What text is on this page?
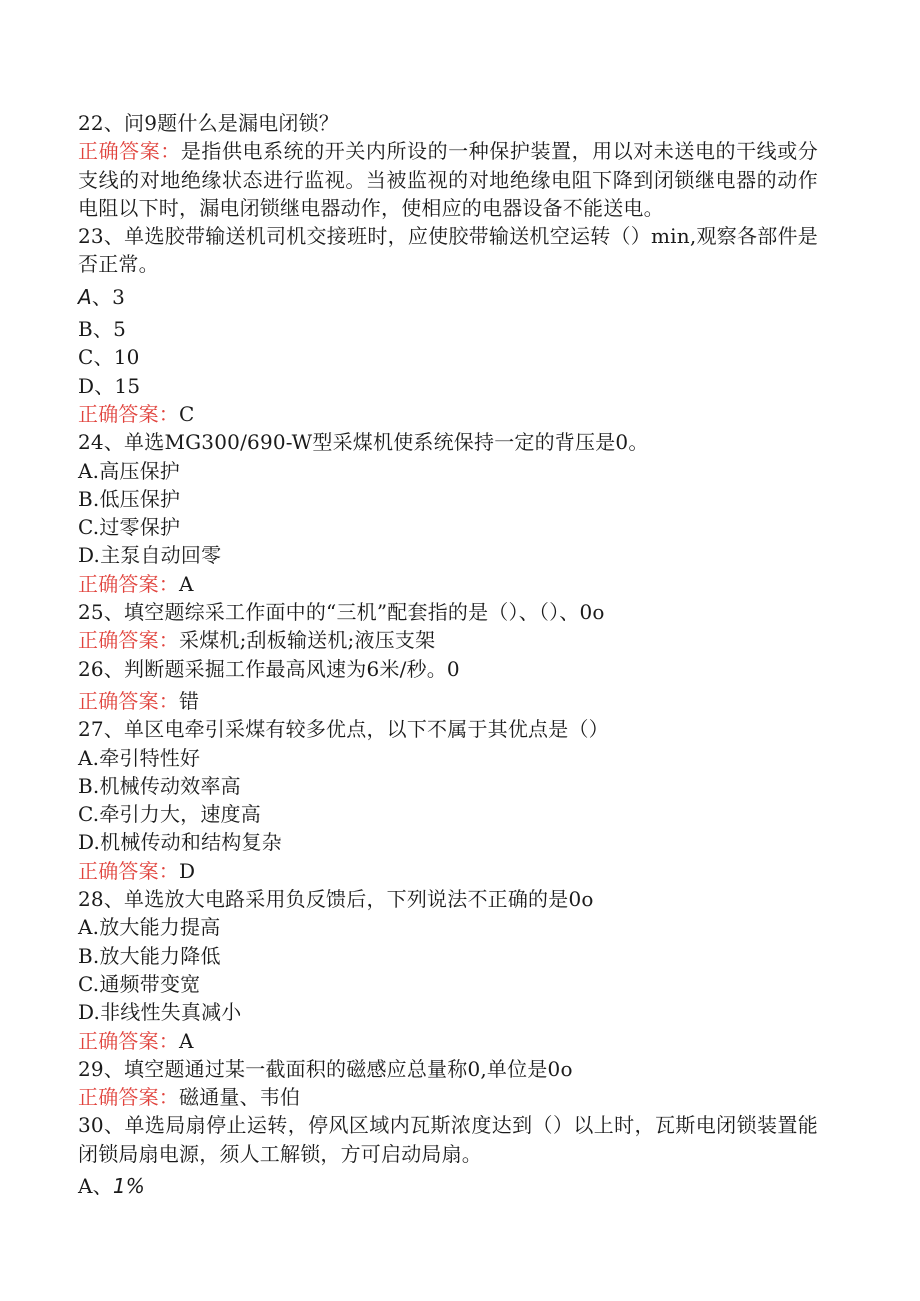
22、问9题什么是漏电闭锁？
正确答案：是指供电系统的开关内所设的一种保护装置，用以对未送电的干线或分支线的对地绝缘状态进行监视。当被监视的对地绝缘电阻下降到闭锁继电器的动作电阻以下时，漏电闭锁继电器动作，使相应的电器设备不能送电。
23、单选胶带输送机司机交接班时，应使胶带输送机空运转（）min,观察各部件是否正常。
A、3
B、5
C、10
D、15
正确答案：C
24、单选MG300/690-W型采煤机使系统保持一定的背压是0。
A.高压保护
B.低压保护
C.过零保护
D.主泵自动回零
正确答案：A
25、填空题综采工作面中的“三机”配套指的是（）、（）、0o
正确答案：采煤机;刮板输送机;液压支架
26、判断题采掘工作最高风速为6米/秒。0
正确答案：错
27、单区电牵引采煤有较多优点，以下不属于其优点是（）
A.牵引特性好
B.机械传动效率高
C.牵引力大，速度高
D.机械传动和结构复杂
正确答案：D
28、单选放大电路采用负反馈后，下列说法不正确的是0o
A.放大能力提高
B.放大能力降低
C.通频带变宽
D.非线性失真减小
正确答案：A
29、填空题通过某一截面积的磁感应总量称0,单位是0o
正确答案：磁通量、韦伯
30、单选局扇停止运转，停风区域内瓦斯浓度达到（）以上时，瓦斯电闭锁装置能闭锁局扇电源，须人工解锁，方可启动局扇。
A、1%
